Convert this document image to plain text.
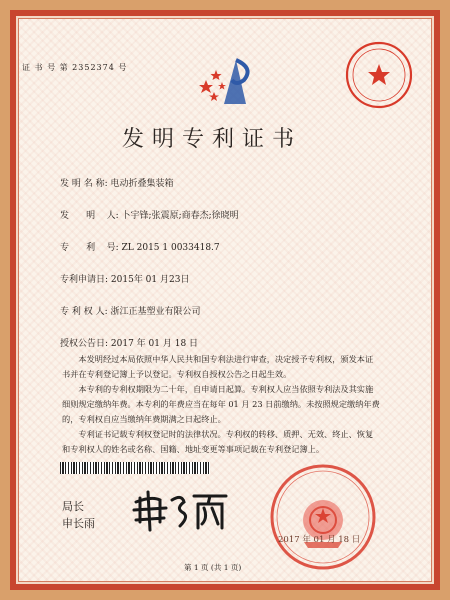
证 书 号 第 2352374 号
发明专利证书
发 明 名 称: 电动折叠集装箱
发      明    人: 卜宇锋;张震原;商春杰;徐晓明
专      利    号: ZL 2015 1 0033418.7
专利申请日: 2015年 01 月23日
专 利 权 人: 浙江正基塑业有限公司
授权公告日: 2017 年 01 月 18 日

本发明经过本局依照中华人民共和国专利法进行审查，决定授予专利权，颁发本证书并在专利登记簿上予以登记。专利权自授权公告之日起生效。

本专利的专利权期限为二十年，自申请日起算。专利权人应当依照专利法及其实施细则规定缴纳年费。本专利的年费应当在每年 01 月 23 日前缴纳。未按照规定缴纳年费的，专利权自应当缴纳年费期满之日起终止。

专利证书记载专利权登记时的法律状况。专利权的转移、质押、无效、终止、恢复和专利权人的姓名或名称、国籍、地址变更等事项记载在专利登记簿上。

局长
申长雨
2017 年 01 月 18 日
第 1 页 (共 1 页)
